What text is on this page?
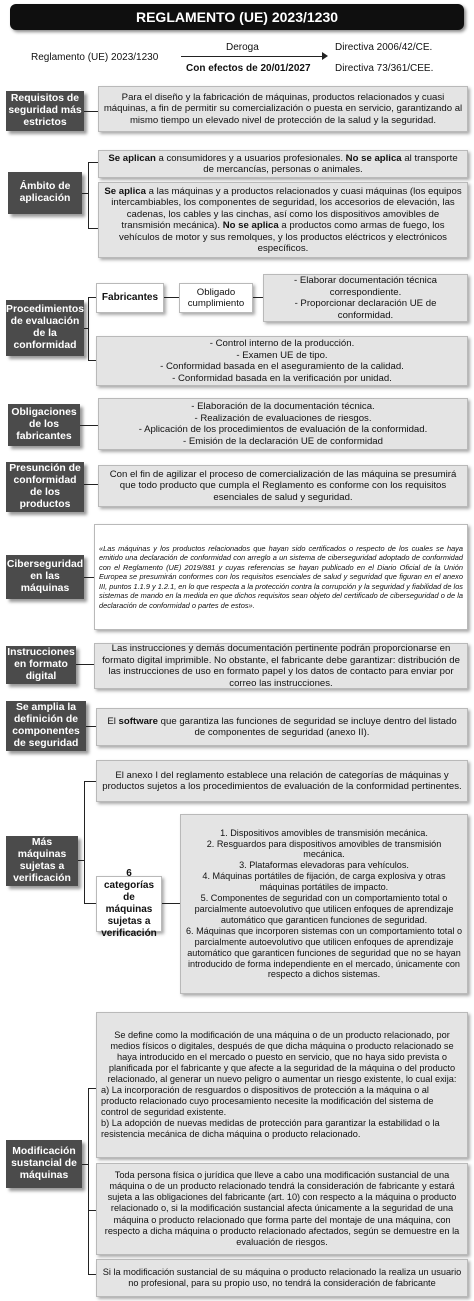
REGLAMENTO (UE) 2023/1230
Reglamento (UE) 2023/1230
Deroga
Con efectos de 20/01/2027
Directiva 2006/42/CE.
Directiva 73/361/CEE.
Requisitos de seguridad más estrictos
Para el diseño y la fabricación de máquinas, productos relacionados y cuasi máquinas, a fin de permitir su comercialización o puesta en servicio, garantizando al mismo tiempo un elevado nivel de protección de la salud y la seguridad.
Ámbito de aplicación
Se aplican a consumidores y a usuarios profesionales. No se aplica al transporte de mercancías, personas o animales.
Se aplica a las máquinas y a productos relacionados y cuasi máquinas (los equipos intercambiables, los componentes de seguridad, los accesorios de elevación, las cadenas, los cables y las cinchas, así como los dispositivos amovibles de transmisión mecánica). No se aplica a productos como armas de fuego, los vehículos de motor y sus remolques, y los productos eléctricos y electrónicos específicos.
Procedimientos de evaluación de la conformidad
Fabricantes	Obligado cumplimiento

- Elaborar documentación técnica correspondiente.

- Proporcionar declaración UE de conformidad.

- Control interno de la producción.

- Examen UE de tipo.

- Conformidad basada en el aseguramiento de la calidad.

- Conformidad basada en la verificación por unidad.

Obligaciones de los fabricantes

- Elaboración de la documentación técnica.

- Realización de evaluaciones de riesgos.

- Aplicación de los procedimientos de evaluación de la conformidad.

- Emisión de la declaración UE de conformidad

Presunción de conformidad de los productos
Con el fin de agilizar el proceso de comercialización de las máquina se presumirá que todo producto que cumpla el Reglamento es conforme con los requisitos esenciales de salud y seguridad.
Ciberseguridad en las máquinas
«Las máquinas y los productos relacionados que hayan sido certificados o respecto de los cuales se haya emitido una declaración de conformidad con arreglo a un sistema de ciberseguridad adoptado de conformidad con el Reglamento (UE) 2019/881 y cuyas referencias se hayan publicado en el Diario Oficial de la Unión Europea se presumirán conformes con los requisitos esenciales de salud y seguridad que figuran en el anexo III, puntos 1.1.9 y 1.2.1, en lo que respecta a la protección contra la corrupción y la seguridad y fiabilidad de los sistemas de mando en la medida en que dichos requisitos sean objeto del certificado de ciberseguridad o de la declaración de conformidad o partes de estos».
Instrucciones en formato digital
Las instrucciones y demás documentación pertinente podrán proporcionarse en formato digital imprimible. No obstante, el fabricante debe garantizar: distribución de las instrucciones de uso en formato papel y los datos de contacto para enviar por correo las instrucciones.
Se amplia la definición de componentes de seguridad
El software que garantiza las funciones de seguridad se incluye dentro del listado de componentes de seguridad (anexo II).
Más máquinas sujetas a verificación
El anexo I del reglamento establece una relación de categorías de máquinas y productos sujetos a los procedimientos de evaluación de la conformidad pertinentes.
6 categorías de máquinas sujetas a verificación

1. Dispositivos amovibles de transmisión mecánica.

2. Resguardos para dispositivos amovibles de transmisión mecánica.

3. Plataformas elevadoras para vehículos.

4. Máquinas portátiles de fijación, de carga explosiva y otras máquinas portátiles de impacto.

5. Componentes de seguridad con un comportamiento total o parcialmente autoevolutivo que utilicen enfoques de aprendizaje automático que garanticen funciones de seguridad.

6. Máquinas que incorporen sistemas con un comportamiento total o parcialmente autoevolutivo que utilicen enfoques de aprendizaje automático que garanticen funciones de seguridad que no se hayan introducido de forma independiente en el mercado, únicamente con respecto a dichos sistemas.

Modificación sustancial de máquinas

Se define como la modificación de una máquina o de un producto relacionado, por medios físicos o digitales, después de que dicha máquina o producto relacionado se haya introducido en el mercado o puesto en servicio, que no haya sido prevista o planificada por el fabricante y que afecte a la seguridad de la máquina o del producto relacionado, al generar un nuevo peligro o aumentar un riesgo existente, lo cual exija:

a) La incorporación de resguardos o dispositivos de protección a la máquina o al producto relacionado cuyo procesamiento necesite la modificación del sistema de control de seguridad existente.

b) La adopción de nuevas medidas de protección para garantizar la estabilidad o la resistencia mecánica de dicha máquina o producto relacionado.

Toda persona física o jurídica que lleve a cabo una modificación sustancial de una máquina o de un producto relacionado tendrá la consideración de fabricante y estará sujeta a las obligaciones del fabricante (art. 10) con respecto a la máquina o producto relacionado o, si la modificación sustancial afecta únicamente a la seguridad de una máquina o producto relacionado que forma parte del montaje de una máquina, con respecto a dicha máquina o producto relacionado afectados, según se demuestre en la evaluación de riesgos.
Si la modificación sustancial de su máquina o producto relacionado la realiza un usuario no profesional, para su propio uso, no tendrá la consideración de fabricante
